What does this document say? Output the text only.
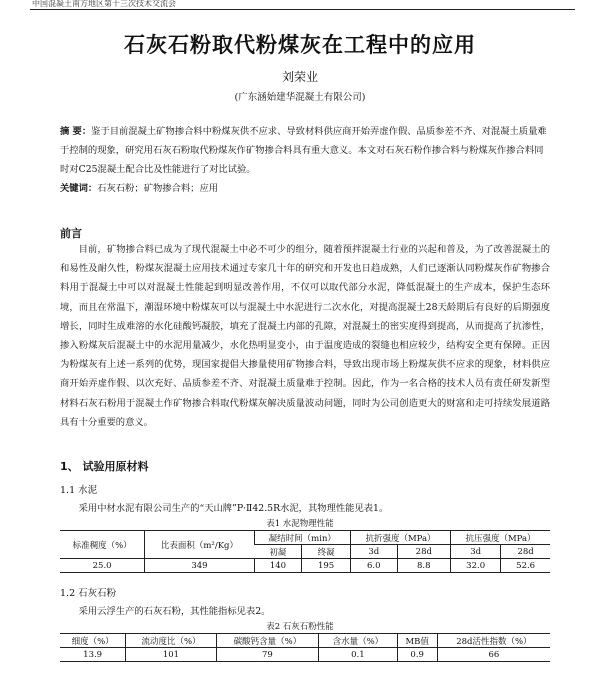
中国混凝土南方地区第十三次技术交流会
石灰石粉取代粉煤灰在工程中的应用
刘荣业
(广东涵始建华混凝土有限公司)
摘 要：鉴于目前混凝土矿物掺合料中粉煤灰供不应求、导致材料供应商开始弄虚作假、品质参差不齐、对混凝土质量难于控制的现象，研究用石灰石粉取代粉煤灰作矿物掺合料具有重大意义。本文对石灰石粉作掺合料与粉煤灰作掺合料同时对C25混凝土配合比及性能进行了对比试验。
关键词：石灰石粉；矿物掺合料；应用
前言
目前，矿物掺合料已成为了现代混凝土中必不可少的组分，随着预拌混凝土行业的兴起和普及，为了改善混凝土的和易性及耐久性，粉煤灰混凝土应用技术通过专家几十年的研究和开发也日趋成熟，人们已逐渐认同粉煤灰作矿物掺合料用于混凝土中可以对混凝土性能起到明显改善作用，不仅可以取代部分水泥，降低混凝土的生产成本，保护生态环境，而且在常温下，潮湿环境中粉煤灰可以与混凝土中水泥进行二次水化，对提高混凝土28天龄期后有良好的后期强度增长，同时生成难溶的水化硅酸钙凝胶，填充了混凝土内部的孔隙，对混凝土的密实度得到提高，从而提高了抗渗性，掺入粉煤灰后混凝土中的水泥用量减少，水化热明显变小，由于温度造成的裂缝也相应较少，结构安全更有保障。正因为粉煤灰有上述一系列的优势，现国家提倡大掺量使用矿物掺合料，导致出现市场上粉煤灰供不应求的现象，材料供应商开始弄虚作假、以次充好、品质参差不齐、对混凝土质量难于控制。因此，作为一名合格的技术人员有责任研发新型材料石灰石粉用于混凝土作矿物掺合料取代粉煤灰解决质量波动问题，同时为公司创造更大的财富和走可持续发展道路具有十分重要的意义。
1、 试验用原材料
1.1 水泥
采用中材水泥有限公司生产的“天山牌”P·Ⅱ42.5R水泥，其物理性能见表1。
表1 水泥物理性能
标准稠度（%）	比表面积（m²/Kg）	凝结时间（min）		抗折强度（MPa）		抗压强度（MPa）	
		初凝	终凝	3d	28d	3d	28d
25.0	349	140	195	6.0	8.8	32.0	52.6
1.2 石灰石粉
采用云浮生产的石灰石粉，其性能指标见表2。
表2 石灰石粉性能
细度（%）	流动度比（%）	碳酸钙含量（%）	含水量（%）	MB值	28d活性指数（%）
13.9	101	79	0.1	0.9	66
